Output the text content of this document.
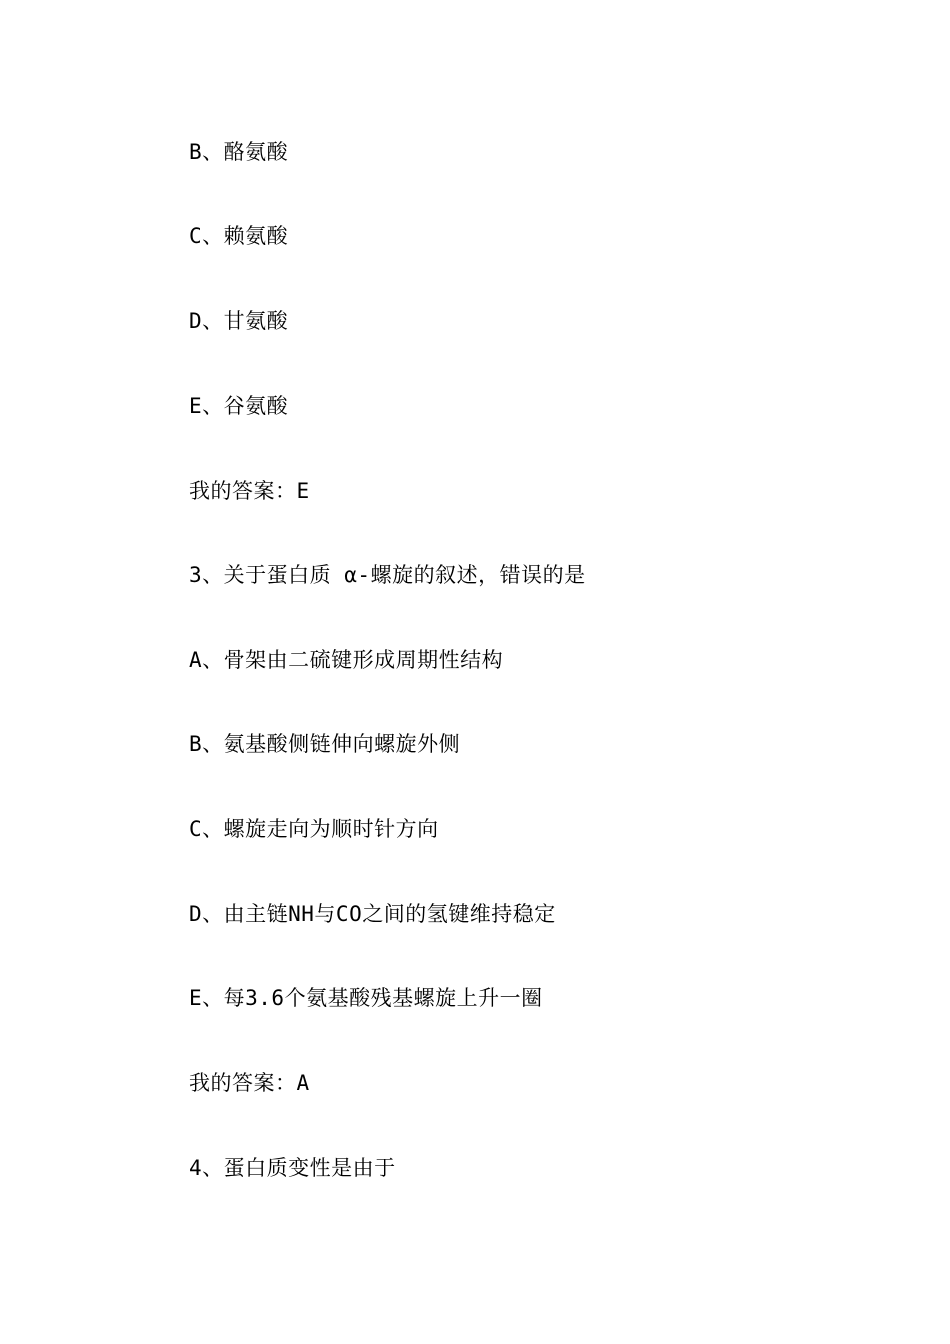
B、酪氨酸
C、赖氨酸
D、甘氨酸
E、谷氨酸
我的答案：E
3、关于蛋白质 α-螺旋的叙述，错误的是
A、骨架由二硫键形成周期性结构
B、氨基酸侧链伸向螺旋外侧
C、螺旋走向为顺时针方向
D、由主链NH与CO之间的氢键维持稳定
E、每3.6个氨基酸残基螺旋上升一圈
我的答案：A
4、蛋白质变性是由于
